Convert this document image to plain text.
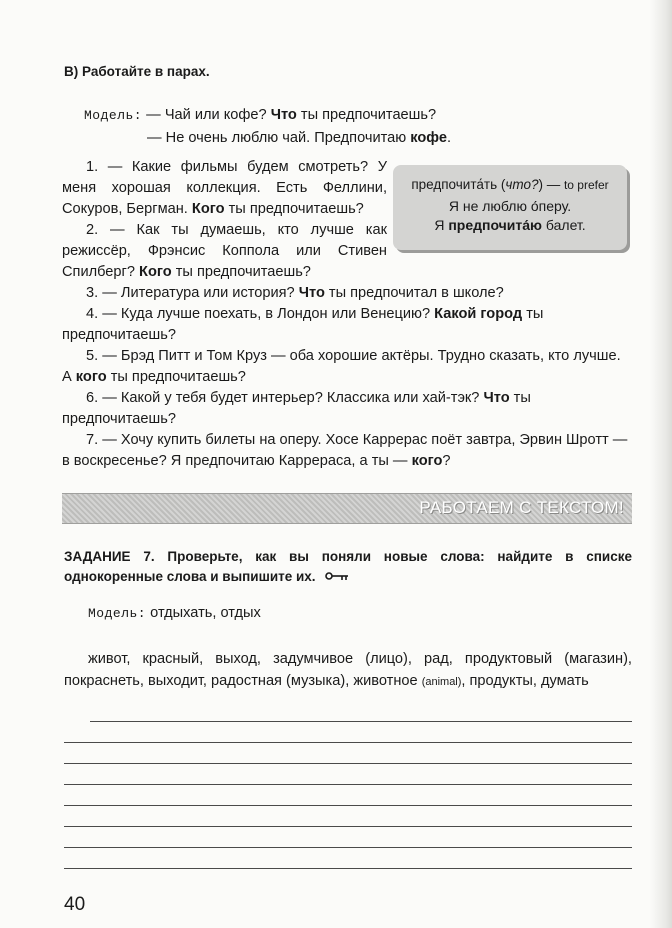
B) Работайте в парах.
Модель: — Чай или кофе? Что ты предпочитаешь?
— Не очень люблю чай. Предпочитаю кофе.
предпочита́ть (что?) — to prefer
Я не люблю о́перу.
Я предпочита́ю балет.

1. — Какие фильмы будем смотреть? У меня хорошая коллекция. Есть Феллини, Сокуров, Бергман. Кого ты предпочитаешь?

2. — Как ты думаешь, кто лучше как режиссёр, Фрэнсис Коппола или Стивен Спилберг? Кого ты предпочитаешь?

3. — Литература или история? Что ты предпочитал в школе?

4. — Куда лучше поехать, в Лондон или Венецию? Какой город ты предпочитаешь?

5. — Брэд Питт и Том Круз — оба хорошие актёры. Трудно сказать, кто лучше. А кого ты предпочитаешь?

6. — Какой у тебя будет интерьер? Классика или хай-тэк? Что ты предпочитаешь?

7. — Хочу купить билеты на оперу. Хосе Каррерас поёт завтра, Эрвин Шротт — в воскресенье? Я предпочитаю Каррераса, а ты — кого?

РАБОТАЕМ С ТЕКСТОМ!
ЗАДАНИЕ 7. Проверьте, как вы поняли новые слова: найдите в списке однокоренные слова и выпишите их.
Модель: отдыхать, отдых
живот, красный, выход, задумчивое (лицо), рад, продуктовый (магазин), покраснеть, выходит, радостная (музыка), животное (animal), продукты, думать
40
